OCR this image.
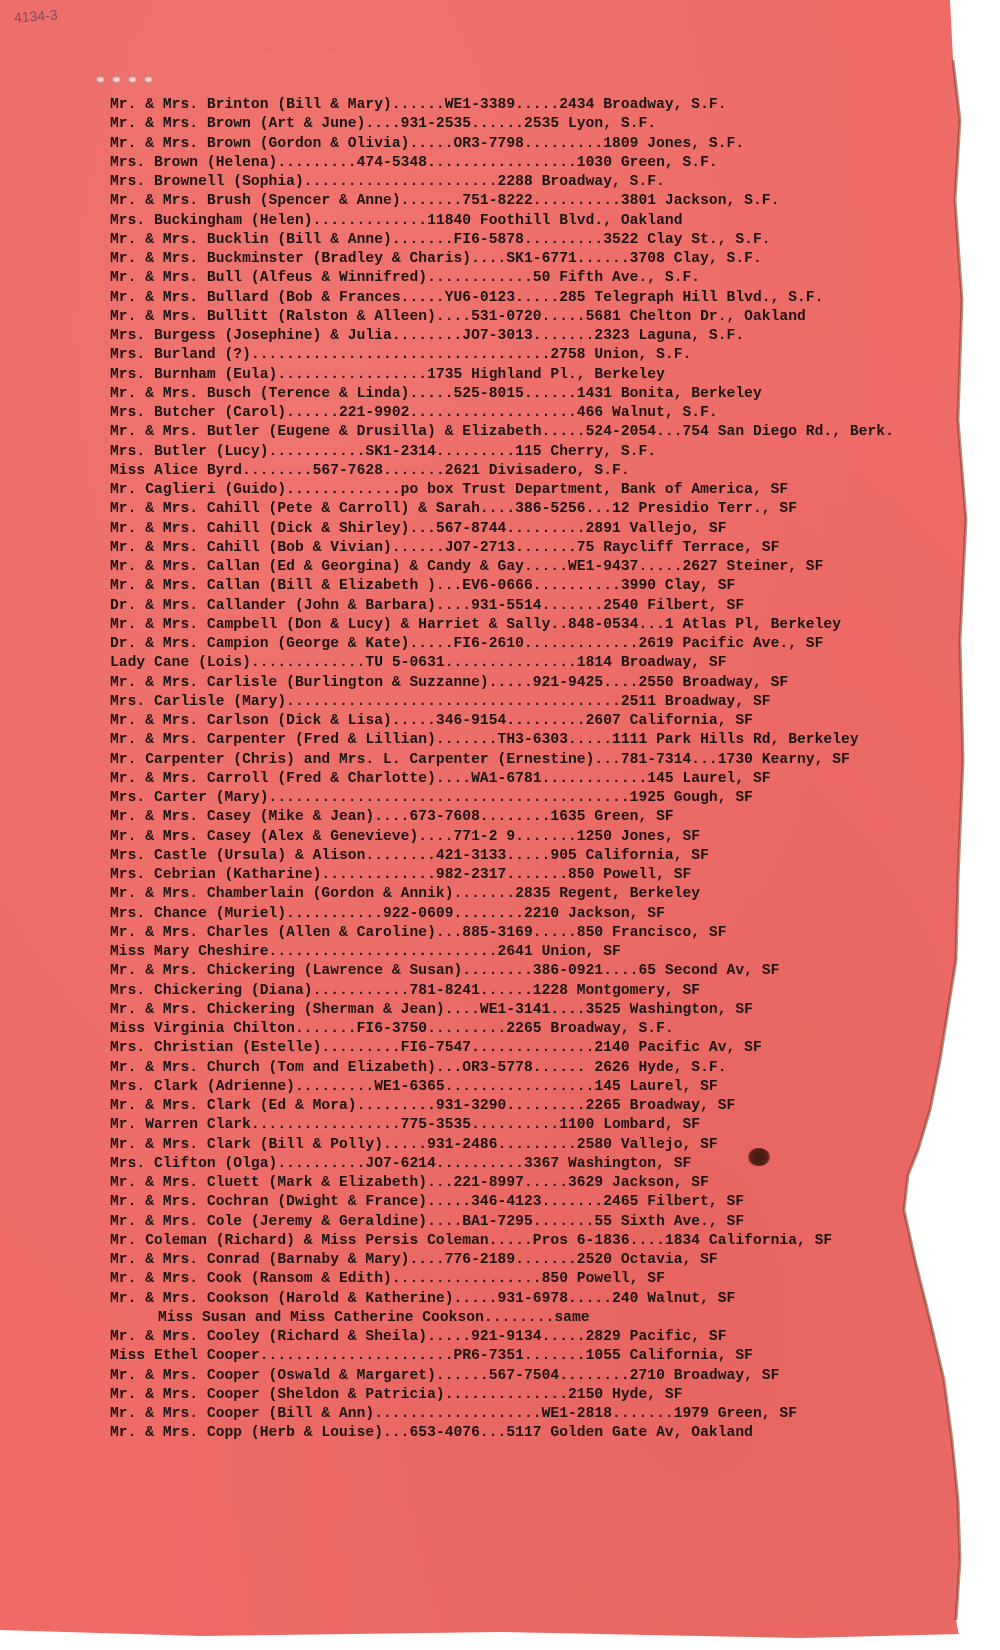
4134-3
Mr. & Mrs. Brinton (Bill & Mary)......WE1-3389.....2434 Broadway, S.F.
Mr. & Mrs. Brown (Art & June)....931-2535......2535 Lyon, S.F.
Mr. & Mrs. Brown (Gordon & Olivia).....OR3-7798.........1809 Jones, S.F.
Mrs. Brown (Helena).........474-5348.................1030 Green, S.F.
Mrs. Brownell (Sophia)......................2288 Broadway, S.F.
Mr. & Mrs. Brush (Spencer & Anne).......751-8222..........3801 Jackson, S.F.
Mrs. Buckingham (Helen).............11840 Foothill Blvd., Oakland
Mr. & Mrs. Bucklin (Bill & Anne).......FI6-5878.........3522 Clay St., S.F.
Mr. & Mrs. Buckminster (Bradley & Charis)....SK1-6771......3708 Clay, S.F.
Mr. & Mrs. Bull (Alfeus & Winnifred)............50 Fifth Ave., S.F.
Mr. & Mrs. Bullard (Bob & Frances.....YU6-0123.....285 Telegraph Hill Blvd., S.F.
Mr. & Mrs. Bullitt (Ralston & Alleen)....531-0720.....5681 Chelton Dr., Oakland
Mrs. Burgess (Josephine) & Julia........JO7-3013.......2323 Laguna, S.F.
Mrs. Burland (?)..................................2758 Union, S.F.
Mrs. Burnham (Eula).................1735 Highland Pl., Berkeley
Mr. & Mrs. Busch (Terence & Linda).....525-8015......1431 Bonita, Berkeley
Mrs. Butcher (Carol)......221-9902...................466 Walnut, S.F.
Mr. & Mrs. Butler (Eugene & Drusilla) & Elizabeth.....524-2054...754 San Diego Rd., Berk.
Mrs. Butler (Lucy)...........SK1-2314.........115 Cherry, S.F.
Miss Alice Byrd........567-7628.......2621 Divisadero, S.F.
Mr. Caglieri (Guido).............po box Trust Department, Bank of America, SF
Mr. & Mrs. Cahill (Pete & Carroll) & Sarah....386-5256...12 Presidio Terr., SF
Mr. & Mrs. Cahill (Dick & Shirley)...567-8744.........2891 Vallejo, SF
Mr. & Mrs. Cahill (Bob & Vivian)......JO7-2713.......75 Raycliff Terrace, SF
Mr. & Mrs. Callan (Ed & Georgina) & Candy & Gay.....WE1-9437.....2627 Steiner, SF
Mr. & Mrs. Callan (Bill & Elizabeth )...EV6-0666..........3990 Clay, SF
Dr. & Mrs. Callander (John & Barbara)....931-5514.......2540 Filbert, SF
Mr. & Mrs. Campbell (Don & Lucy) & Harriet & Sally..848-0534...1 Atlas Pl, Berkeley
Dr. & Mrs. Campion (George & Kate).....FI6-2610.............2619 Pacific Ave., SF
Lady Cane (Lois).............TU 5-0631...............1814 Broadway, SF
Mr. & Mrs. Carlisle (Burlington & Suzzanne).....921-9425....2550 Broadway, SF
Mrs. Carlisle (Mary)......................................2511 Broadway, SF
Mr. & Mrs. Carlson (Dick & Lisa).....346-9154.........2607 California, SF
Mr. & Mrs. Carpenter (Fred & Lillian).......TH3-6303.....1111 Park Hills Rd, Berkeley
Mr. Carpenter (Chris) and Mrs. L. Carpenter (Ernestine)...781-7314...1730 Kearny, SF
Mr. & Mrs. Carroll (Fred & Charlotte)....WA1-6781............145 Laurel, SF
Mrs. Carter (Mary).........................................1925 Gough, SF
Mr. & Mrs. Casey (Mike & Jean)....673-7608........1635 Green, SF
Mr. & Mrs. Casey (Alex & Genevieve)....771-2 9.......1250 Jones, SF
Mrs. Castle (Ursula) & Alison........421-3133.....905 California, SF
Mrs. Cebrian (Katharine).............982-2317.......850 Powell, SF
Mr. & Mrs. Chamberlain (Gordon & Annik).......2835 Regent, Berkeley
Mrs. Chance (Muriel)...........922-0609........2210 Jackson, SF
Mr. & Mrs. Charles (Allen & Caroline)...885-3169.....850 Francisco, SF
Miss Mary Cheshire..........................2641 Union, SF
Mr. & Mrs. Chickering (Lawrence & Susan)........386-0921....65 Second Av, SF
Mrs. Chickering (Diana)...........781-8241......1228 Montgomery, SF
Mr. & Mrs. Chickering (Sherman & Jean)....WE1-3141....3525 Washington, SF
Miss Virginia Chilton.......FI6-3750.........2265 Broadway, S.F.
Mrs. Christian (Estelle).........FI6-7547..............2140 Pacific Av, SF
Mr. & Mrs. Church (Tom and Elizabeth)...OR3-5778...... 2626 Hyde, S.F.
Mrs. Clark (Adrienne).........WE1-6365.................145 Laurel, SF
Mr. & Mrs. Clark (Ed & Mora).........931-3290.........2265 Broadway, SF
Mr. Warren Clark.................775-3535..........1100 Lombard, SF
Mr. & Mrs. Clark (Bill & Polly).....931-2486.........2580 Vallejo, SF
Mrs. Clifton (Olga)..........JO7-6214..........3367 Washington, SF
Mr. & Mrs. Cluett (Mark & Elizabeth)...221-8997.....3629 Jackson, SF
Mr. & Mrs. Cochran (Dwight & France).....346-4123.......2465 Filbert, SF
Mr. & Mrs. Cole (Jeremy & Geraldine)....BA1-7295.......55 Sixth Ave., SF
Mr. Coleman (Richard) & Miss Persis Coleman.....Pros 6-1836....1834 California, SF
Mr. & Mrs. Conrad (Barnaby & Mary)....776-2189.......2520 Octavia, SF
Mr. & Mrs. Cook (Ransom & Edith).................850 Powell, SF
Mr. & Mrs. Cookson (Harold & Katherine).....931-6978.....240 Walnut, SF
Miss Susan and Miss Catherine Cookson........same
Mr. & Mrs. Cooley (Richard & Sheila).....921-9134.....2829 Pacific, SF
Miss Ethel Cooper......................PR6-7351.......1055 California, SF
Mr. & Mrs. Cooper (Oswald & Margaret)......567-7504........2710 Broadway, SF
Mr. & Mrs. Cooper (Sheldon & Patricia)..............2150 Hyde, SF
Mr. & Mrs. Cooper (Bill & Ann)...................WE1-2818.......1979 Green, SF
Mr. & Mrs. Copp (Herb & Louise)...653-4076...5117 Golden Gate Av, Oakland
